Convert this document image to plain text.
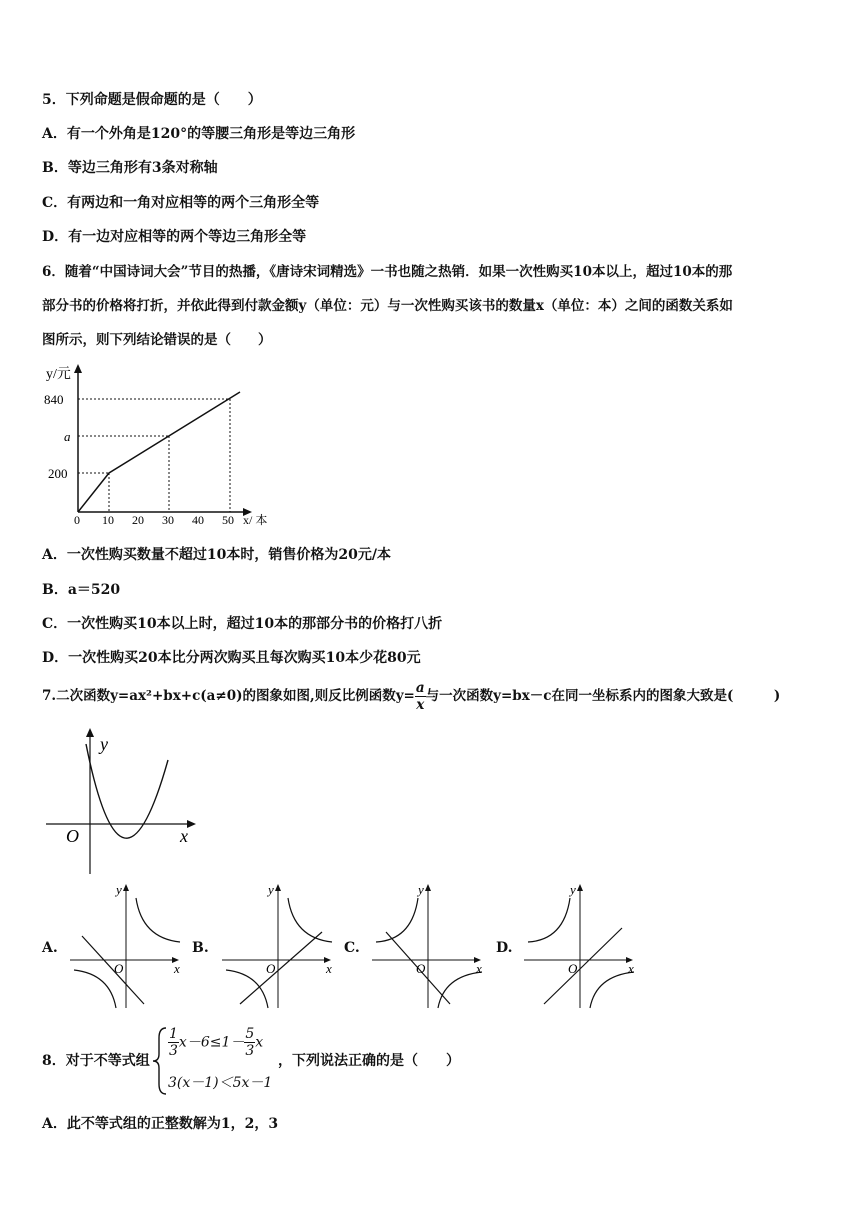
5．下列命题是假命题的是（　　）
A．有一个外角是120°的等腰三角形是等边三角形
B．等边三角形有3条对称轴
C．有两边和一角对应相等的两个三角形全等
D．有一边对应相等的两个等边三角形全等
6．随着“中国诗词大会”节目的热播，《唐诗宋词精选》一书也随之热销．如果一次性购买10本以上，超过10本的那
部分书的价格将打折，并依此得到付款金额y（单位：元）与一次性购买该书的数量x（单位：本）之间的函数关系如
图所示，则下列结论错误的是（　　）
y/元
840
a
200
0 10 20 30 40 50 x/ 本
A．一次性购买数量不超过10本时，销售价格为20元/本
B．a＝520
C．一次性购买10本以上时，超过10本的那部分书的价格打八折
D．一次性购买20本比分两次购买且每次购买10本少花80元
7.二次函数y=ax²+bx+c(a≠0)的图象如图,则反比例函数$y= \frac{a}{x}$ 与一次函数y=bx－c在同一坐标系内的图象大致是(　　　)
y
x
O
A.
y
x
O
B.
y
x
O
C.
y
x
O
D.
y
x
O
8．对于不等式组
$\frac{1}{3} x-6\le 1- \frac{5}{3}$ x
3(x－1)＜5x－1
，下列说法正确的是（　　）
A．此不等式组的正整数解为1，2，3
